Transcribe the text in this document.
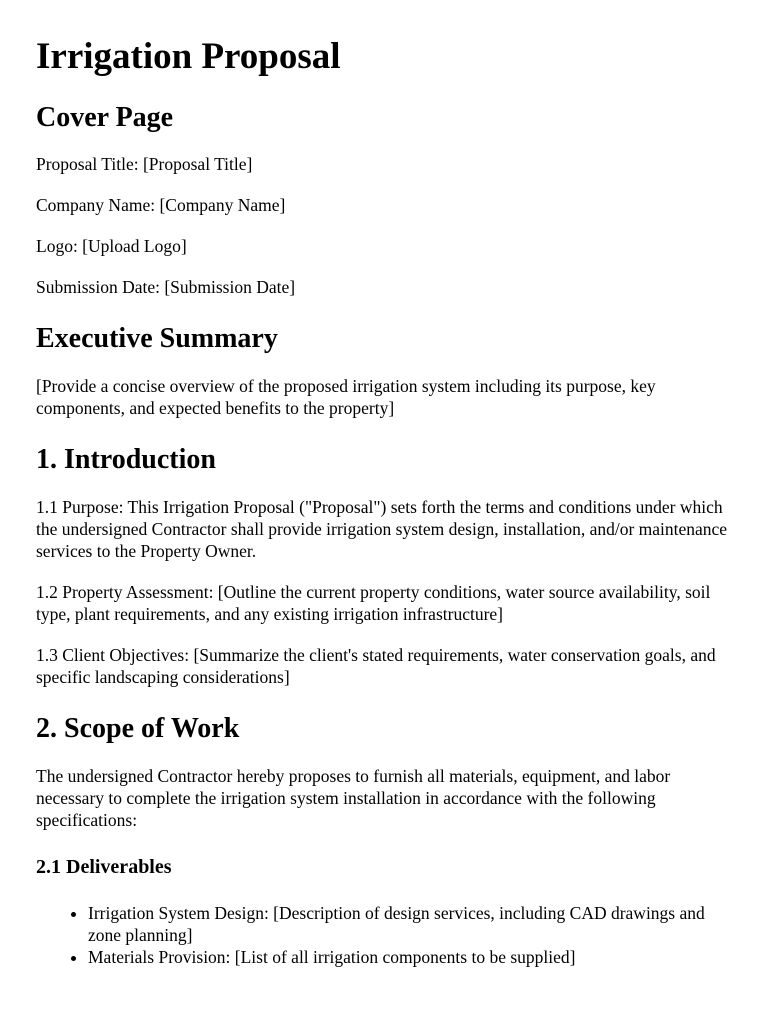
Irrigation Proposal
Cover Page

Proposal Title: [Proposal Title]

Company Name: [Company Name]

Logo: [Upload Logo]

Submission Date: [Submission Date]

Executive Summary

[Provide a concise overview of the proposed irrigation system including its purpose, key components, and expected benefits to the property]

1. Introduction

1.1 Purpose: This Irrigation Proposal ("Proposal") sets forth the terms and conditions under which the undersigned Contractor shall provide irrigation system design, installation, and/or maintenance services to the Property Owner.

1.2 Property Assessment: [Outline the current property conditions, water source availability, soil type, plant requirements, and any existing irrigation infrastructure]

1.3 Client Objectives: [Summarize the client's stated requirements, water conservation goals, and specific landscaping considerations]

2. Scope of Work

The undersigned Contractor hereby proposes to furnish all materials, equipment, and labor necessary to complete the irrigation system installation in accordance with the following specifications:

2.1 Deliverables
• Irrigation System Design: [Description of design services, including CAD drawings and zone planning]
• Materials Provision: [List of all irrigation components to be supplied]
